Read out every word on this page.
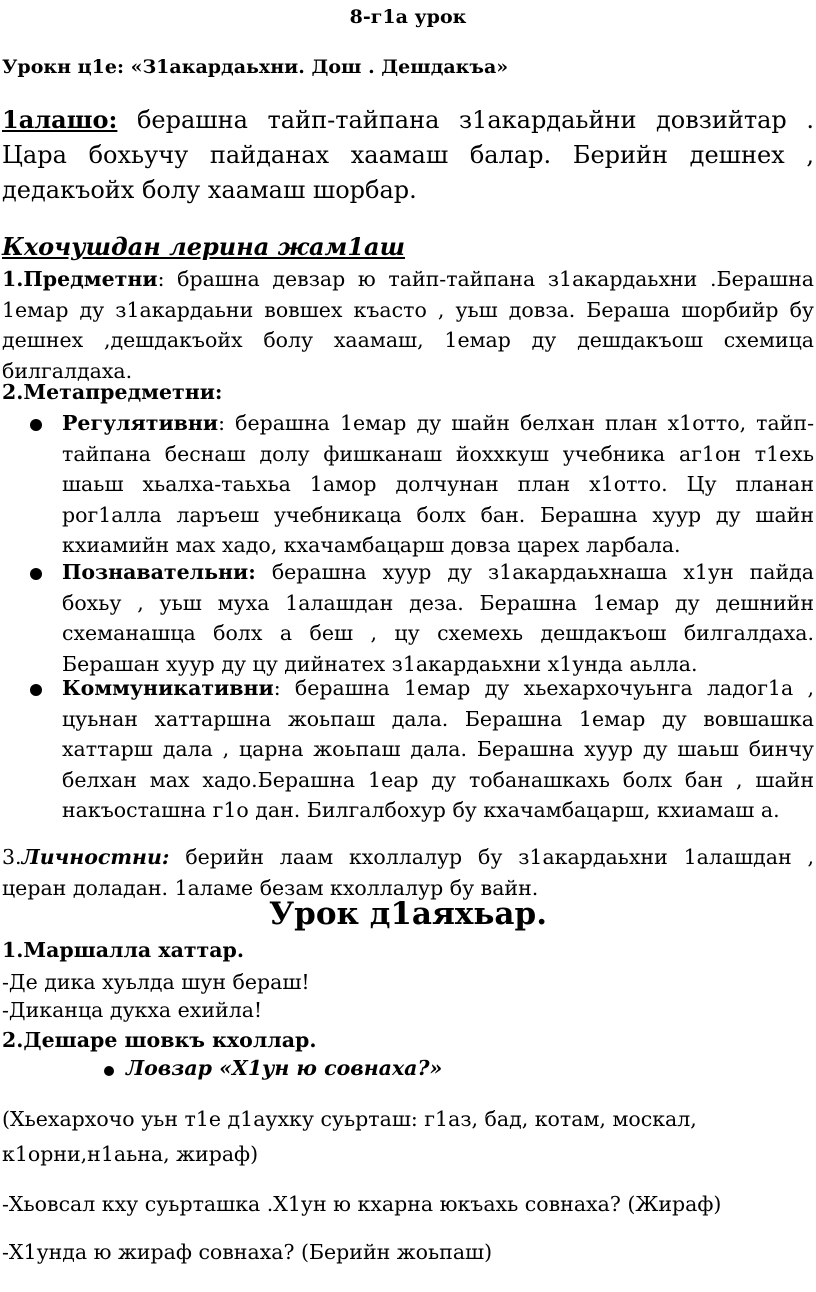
8-г1а урок
Урокн ц1е: «З1акардаьхни. Дош . Дешдакъа»
1алашо: берашна тайп-тайпана з1акардаьйни довзийтар . Цара бохьучу пайданах хаамаш балар. Берийн дешнех , дедакъойх болу хаамаш шорбар.
Кхочушдан лерина жам1аш
1.Предметни: брашна девзар ю тайп-тайпана з1акардаьхни .Берашна 1емар ду з1акардаьни вовшех къасто , уьш довза. Бераша шорбийр бу дешнех ,дешдакъойх болу хаамаш, 1емар ду дешдакъош схемица билгалдаха.
2.Метапредметни:
Регулятивни: берашна 1емар ду шайн белхан план х1отто, тайп-тайпана беснаш долу фишканаш йоххкуш учебника аг1он т1ехь шаьш хьалха-таьхьа 1амор долчунан план х1отто. Цу планан рог1алла ларъеш учебникаца болх бан. Берашна хуур ду шайн кхиамийн мах хадо, кхачамбацарш довза царех ларбала.
Познавательни: берашна хуур ду з1акардаьхнаша х1ун пайда бохьу , уьш муха 1алашдан деза. Берашна 1емар ду дешнийн схеманашца болх а беш , цу схемехь дешдакъош билгалдаха. Берашан хуур ду цу дийнатех з1акардаьхни х1унда аьлла.
Коммуникативни: берашна 1емар ду хьехархочуьнга ладог1а , цуьнан хаттаршна жоьпаш дала. Берашна 1емар ду вовшашка хаттарш дала , царна жоьпаш дала. Берашна хуур ду шаьш бинчу белхан мах хадо.Берашна 1еар ду тобанашкахь болх бан , шайн накъосташна г1о дан. Билгалбохур бу кхачамбацарш, кхиамаш а.
3.Личностни: берийн лаам кхоллалур бу з1акардаьхни 1алашдан , церан доладан. 1аламе безам кхоллалур бу вайн.
Урок д1аяхьар.
1.Маршалла хаттар.
-Де дика хуьлда шун бераш!
-Диканца дукха ехийла!
2.Дешаре шовкъ кхоллар.
Ловзар «Х1ун ю совнаха?»
(Хьехархочо уьн т1е д1аухку суьрташ: г1аз, бад, котам, москал,
к1орни,н1аьна, жираф)
-Хьовсал кху суьрташка .Х1ун ю кхарна юкъахь совнаха? (Жираф)
-Х1унда ю жираф совнаха? (Берийн жоьпаш)
